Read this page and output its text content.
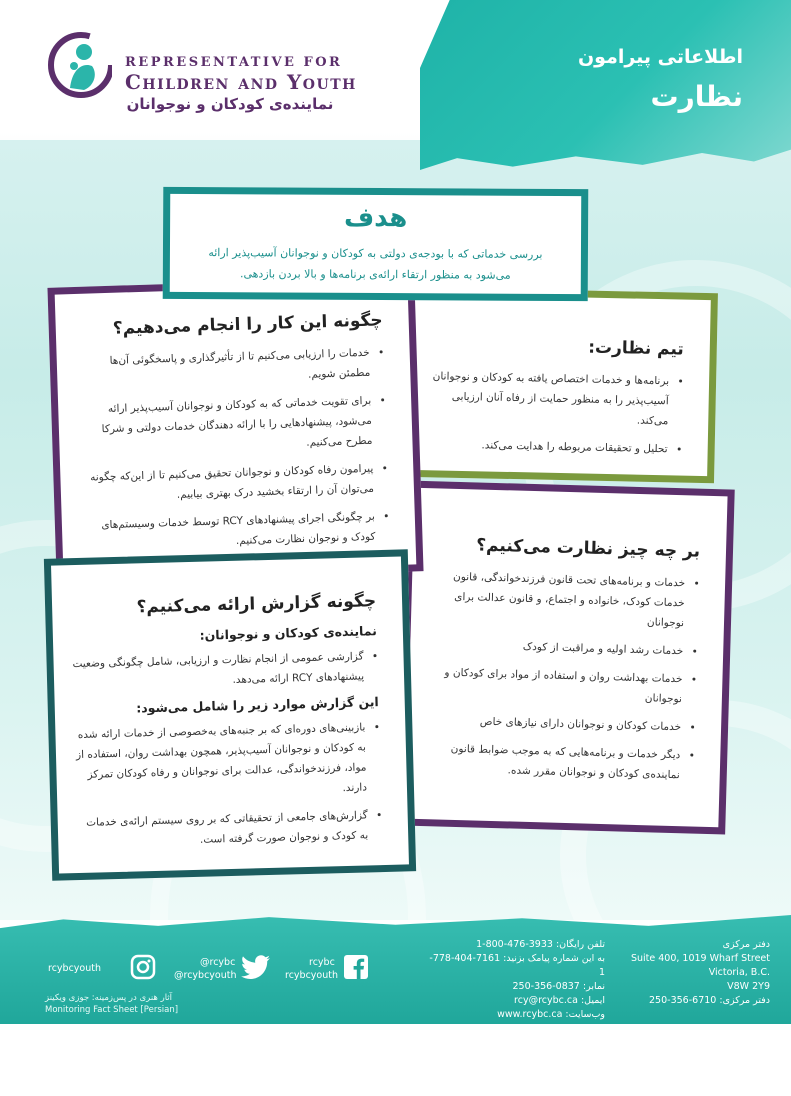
REPRESENTATIVE FOR
Children and Youth
نماینده‌ی کودکان و نوجوانان
اطلاعاتی پیرامون
نظارت
هدف

بررسی خدماتی که با بودجه‌ی دولتی به کودکان و نوجوانان آسیب‌پذیر ارائه می‌شود به منظور ارتقاء ارائه‌ی برنامه‌ها و بالا بردن بازدهی.

چگونه این کار را انجام می‌دهیم؟
• خدمات را ارزیابی می‌کنیم تا از تأثیرگذاری و پاسخگوئی آن‌ها مطمئن شویم.
• برای تقویت خدماتی که به کودکان و نوجوانان آسیب‌پذیر ارائه می‌شود، پیشنهادهایی را با ارائه دهندگان خدمات دولتی و شرکا مطرح می‌کنیم.
• پیرامون رفاه کودکان و نوجوانان تحقیق می‌کنیم تا از این‌که چگونه می‌توان آن را ارتقاء بخشید درک بهتری بیابیم.
• بر چگونگی اجرای پیشنهادهای RCY توسط خدمات وسیستم‌های کودک و نوجوان نظارت می‌کنیم.
تیم نظارت:
• برنامه‌ها و خدمات اختصاص یافته به کودکان و نوجوانان آسیب‌پذیر را به منظور حمایت از رفاه آنان ارزیابی می‌کند.
• تحلیل و تحقیقات مربوطه را هدایت می‌کند.
بر چه چیز نظارت می‌کنیم؟
• خدمات و برنامه‌های تحت قانون فرزندخواندگی، قانون خدمات کودک، خانواده و اجتماع، و قانون عدالت برای نوجوانان
• خدمات رشد اولیه و مراقبت از کودک
• خدمات بهداشت روان و استفاده از مواد برای کودکان و نوجوانان
• خدمات کودکان و نوجوانان دارای نیازهای خاص
• دیگر خدمات و برنامه‌هایی که به موجب ضوابط قانون نماینده‌ی کودکان و نوجوانان مقرر شده.
چگونه گزارش ارائه می‌کنیم؟
نماینده‌ی کودکان و نوجوانان:
• گزارشی عمومی از انجام نظارت و ارزیابی، شامل چگونگی وضعیت پیشنهادهای RCY ارائه می‌دهد.
این گزارش موارد زیر را شامل می‌شود:
• بازبینی‌های دوره‌ای که بر جنبه‌های به‌خصوصی از خدمات ارائه شده به کودکان و نوجوانان آسیب‌پذیر، همچون بهداشت روان، استفاده از مواد، فرزندخواندگی، عدالت برای نوجوانان و رفاه کودکان تمرکز دارند.
• گزارش‌های جامعی از تحقیقاتی که بر روی سیستم ارائه‌ی خدمات به کودک و نوجوان صورت گرفته است.
rcybcyouth
@rcybc
@rcybcyouth
rcybc
rcybcyouth
تلفن رایگان: 3933-476-800-1
به این شماره پیامک بزنید: 7161-404-778-1
نمابر: 0837-356-250
ایمیل: rcy@rcybc.ca
وب‌سایت: www.rcybc.ca
دفتر مرکزی
Suite 400, 1019 Wharf Street
Victoria, B.C.
V8W 2Y9
دفتر مرکزی: 6710-356-250
آثار هنری در پس‌زمینه: جوزی ویکینز
Monitoring Fact Sheet [Persian]
